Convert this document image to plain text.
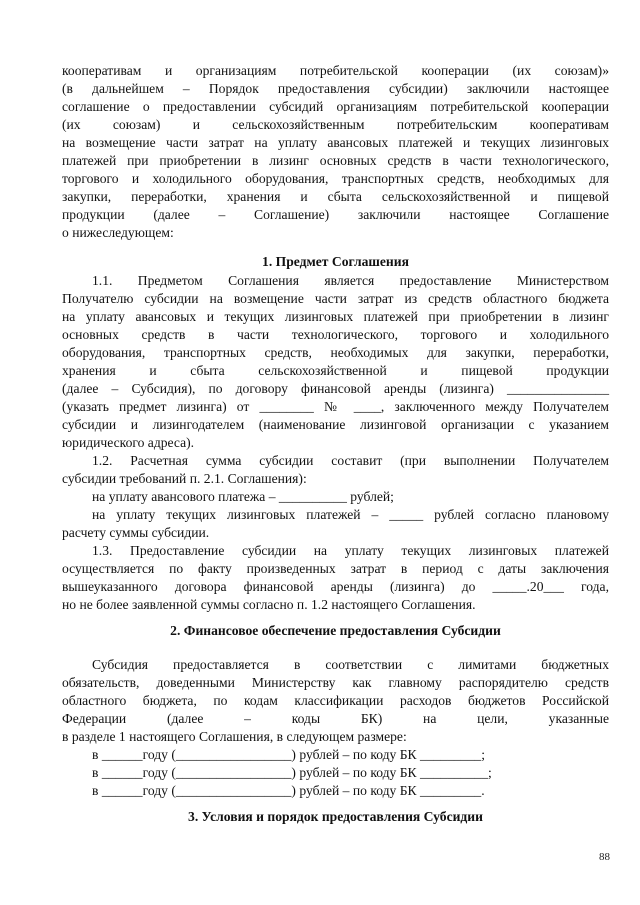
кооперативам и организациям потребительской кооперации (их союзам)»
(в дальнейшем – Порядок предоставления субсидии) заключили настоящее
соглашение о предоставлении субсидий организациям потребительской кооперации
(их союзам) и сельскохозяйственным потребительским кооперативам
на возмещение части затрат на уплату авансовых платежей и текущих лизинговых
платежей при приобретении в лизинг основных средств в части технологического,
торгового и холодильного оборудования, транспортных средств, необходимых для
закупки, переработки, хранения и сбыта сельскохозяйственной и пищевой
продукции (далее – Соглашение) заключили настоящее Соглашение
о нижеследующем:
1. Предмет Соглашения
1.1. Предметом Соглашения является предоставление Министерством
Получателю субсидии на возмещение части затрат из средств областного бюджета
на уплату авансовых и текущих лизинговых платежей при приобретении в лизинг
основных средств в части технологического, торгового и холодильного
оборудования, транспортных средств, необходимых для закупки, переработки,
хранения и сбыта сельскохозяйственной и пищевой продукции
(далее – Субсидия), по договору финансовой аренды (лизинга) _______________
(указать предмет лизинга) от ________ № ____, заключенного между Получателем
субсидии и лизингодателем (наименование лизинговой организации с указанием
юридического адреса).
1.2. Расчетная сумма субсидии составит (при выполнении Получателем
субсидии требований п. 2.1. Соглашения):
на уплату авансового платежа – __________ рублей;
на уплату текущих лизинговых платежей – _____ рублей согласно плановому
расчету суммы субсидии.
1.3. Предоставление субсидии на уплату текущих лизинговых платежей
осуществляется по факту произведенных затрат в период с даты заключения
вышеуказанного договора финансовой аренды (лизинга) до _____.20___ года,
но не более заявленной суммы согласно п. 1.2 настоящего Соглашения.
2. Финансовое обеспечение предоставления Субсидии
Субсидия предоставляется в соответствии с лимитами бюджетных
обязательств, доведенными Министерству как главному распорядителю средств
областного бюджета, по кодам классификации расходов бюджетов Российской
Федерации (далее – коды БК) на цели, указанные
в разделе 1 настоящего Соглашения, в следующем размере:
в ______году (_________________) рублей – по коду БК _________;
в ______году (_________________) рублей – по коду БК __________;
в ______году (_________________) рублей – по коду БК _________.
3. Условия и порядок предоставления Субсидии
88
